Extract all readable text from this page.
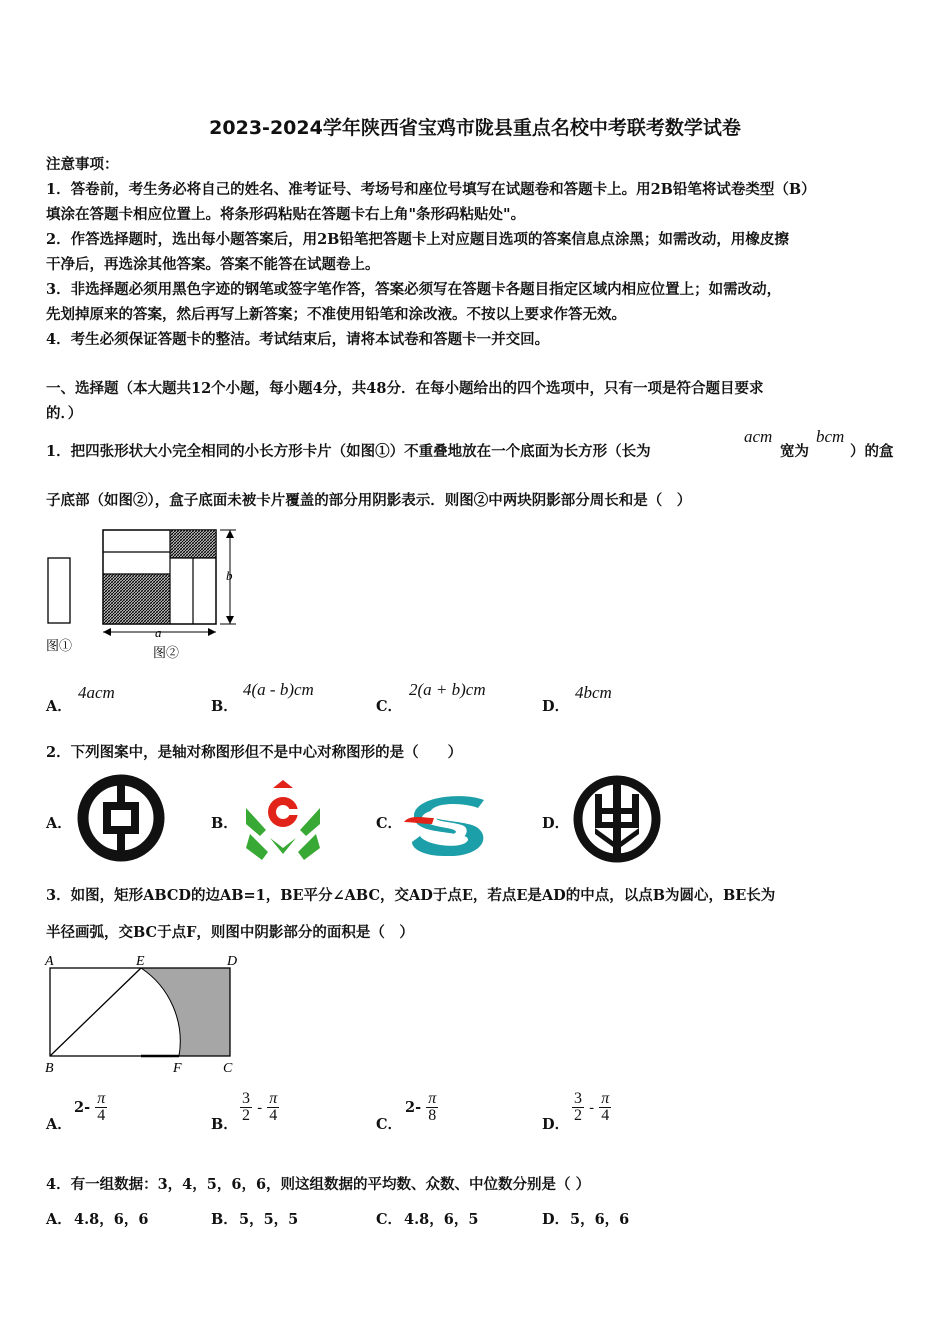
2023-2024学年陕西省宝鸡市陇县重点名校中考联考数学试卷
注意事项：
1．答卷前，考生务必将自己的姓名、准考证号、考场号和座位号填写在试题卷和答题卡上。用2B铅笔将试卷类型（B）
填涂在答题卡相应位置上。将条形码粘贴在答题卡右上角"条形码粘贴处"。
2．作答选择题时，选出每小题答案后，用2B铅笔把答题卡上对应题目选项的答案信息点涂黑；如需改动，用橡皮擦
干净后，再选涂其他答案。答案不能答在试题卷上。
3．非选择题必须用黑色字迹的钢笔或签字笔作答，答案必须写在答题卡各题目指定区域内相应位置上；如需改动，
先划掉原来的答案，然后再写上新答案；不准使用铅笔和涂改液。不按以上要求作答无效。
4．考生必须保证答题卡的整洁。考试结束后，请将本试卷和答题卡一并交回。
一、选择题（本大题共12个小题，每小题4分，共48分．在每小题给出的四个选项中，只有一项是符合题目要求
的．）
1．把四张形状大小完全相同的小长方形卡片（如图①）不重叠地放在一个底面为长方形（长为
acm
宽为
bcm
）的盒
子底部（如图②），盒子底面未被卡片覆盖的部分用阴影表示．则图②中两块阴影部分周长和是（　）
图①
b
a
图②
A．
4acm
B．
4(a - b)cm
C．
2(a + b)cm
D．
4bcm
2．下列图案中，是轴对称图形但不是中心对称图形的是（　　）
A．	B．	C．	D．
3．如图，矩形ABCD的边AB=1，BE平分∠ABC，交AD于点E，若点E是AD的中点，以点B为圆心，BE长为
半径画弧，交BC于点F，则图中阴影部分的面积是（　）
A	E	D
B	F	C
A．
$2- \frac{\pi}{4}$
B．
$\frac{3}{2} - \frac{\pi}{4}$
C．
$2- \frac{\pi}{8}$
D．
$\frac{3}{2} - \frac{\pi}{4}$
4．有一组数据：3，4，5，6，6，则这组数据的平均数、众数、中位数分别是（ ）
A． 4.8，6，6	B． 5，5，5	C． 4.8，6，5	D． 5，6，6
